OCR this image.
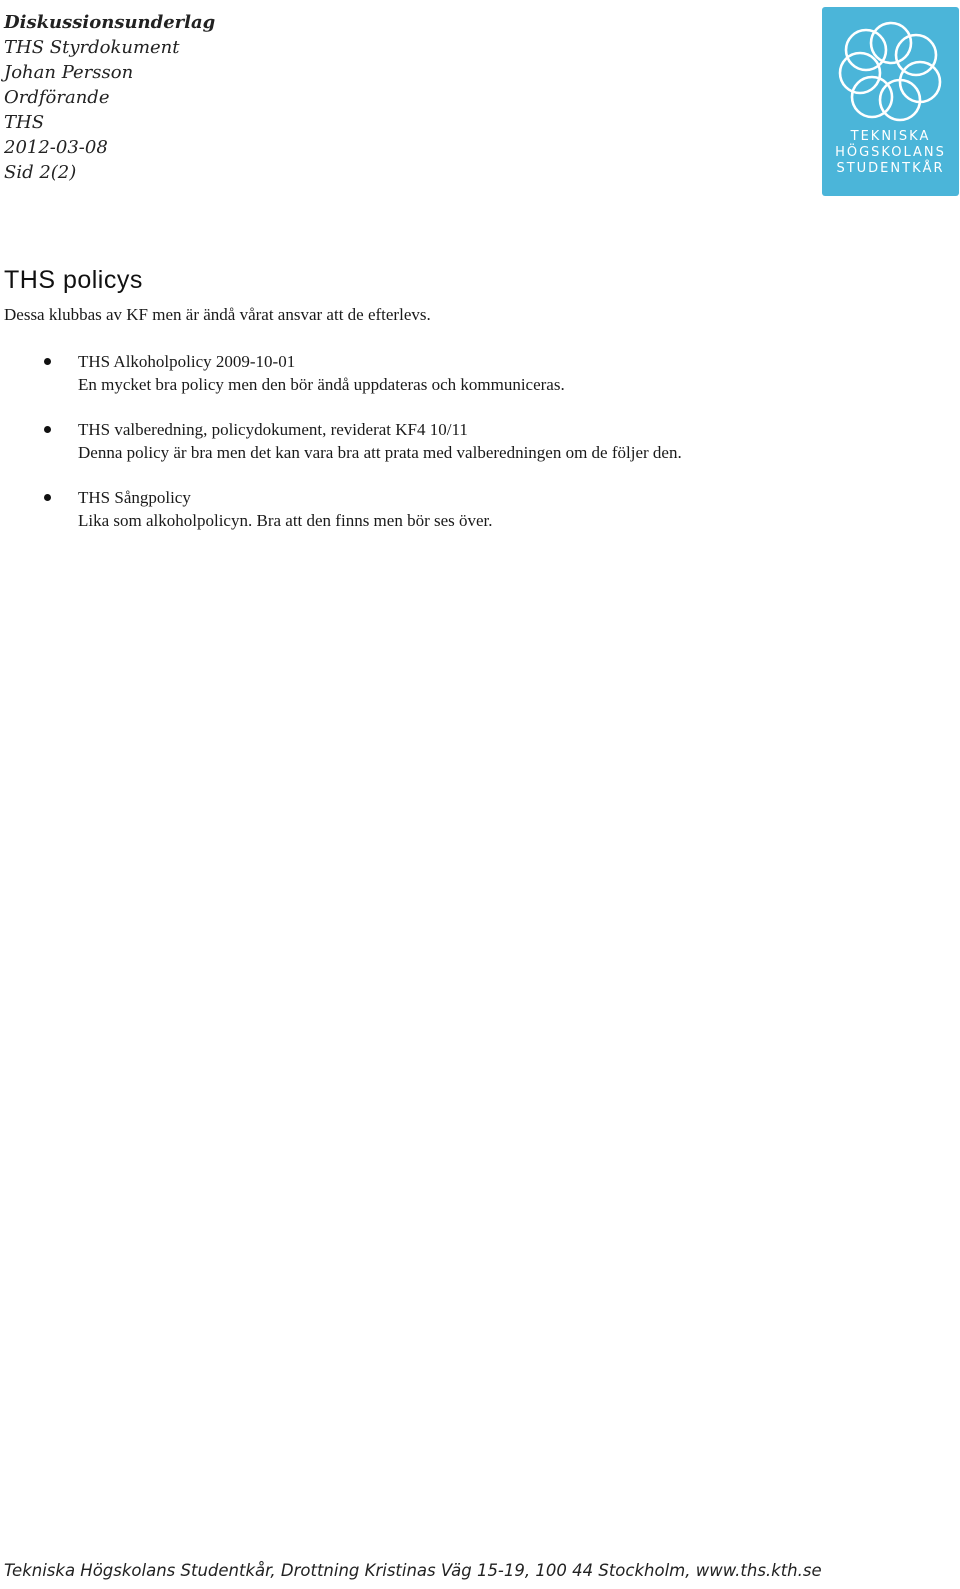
Diskussionsunderlag
THS Styrdokument
Johan Persson
Ordförande
THS
2012-03-08
Sid 2(2)
TEKNISKA
HÖGSKOLANS
STUDENTKÅR
THS policys
Dessa klubbas av KF men är ändå vårat ansvar att de efterlevs.
THS Alkoholpolicy 2009-10-01
En mycket bra policy men den bör ändå uppdateras och kommuniceras.
THS valberedning, policydokument, reviderat KF4 10/11
Denna policy är bra men det kan vara bra att prata med valberedningen om de följer den.
THS Sångpolicy
Lika som alkoholpolicyn. Bra att den finns men bör ses över.
Tekniska Högskolans Studentkår, Drottning Kristinas Väg 15-19, 100 44 Stockholm, www.ths.kth.se
